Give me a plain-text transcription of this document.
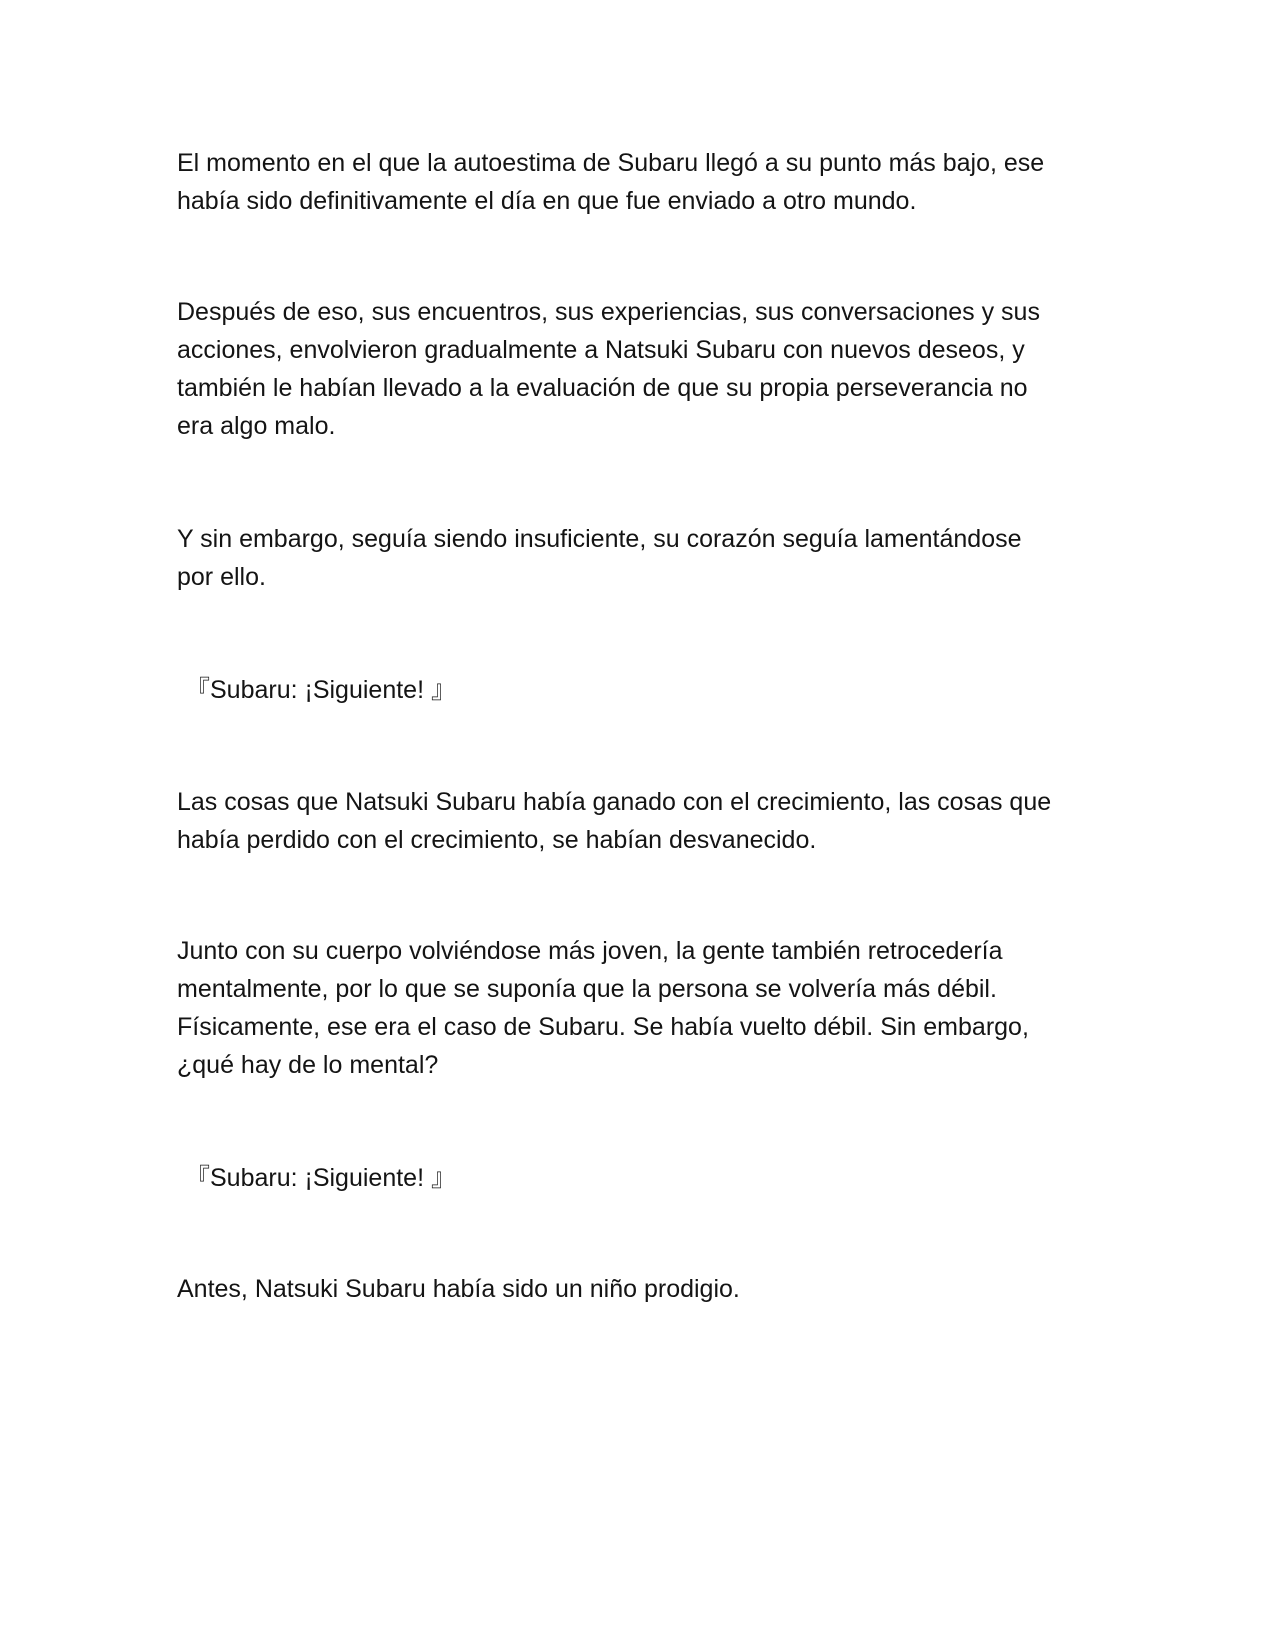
El momento en el que la autoestima de Subaru llegó a su punto más bajo, ese
había sido definitivamente el día en que fue enviado a otro mundo.

Después de eso, sus encuentros, sus experiencias, sus conversaciones y sus
acciones, envolvieron gradualmente a Natsuki Subaru con nuevos deseos, y
también le habían llevado a la evaluación de que su propia perseverancia no
era algo malo.

Y sin embargo, seguía siendo insuficiente, su corazón seguía lamentándose
por ello.

『Subaru: ¡Siguiente! 』

Las cosas que Natsuki Subaru había ganado con el crecimiento, las cosas que
había perdido con el crecimiento, se habían desvanecido.

Junto con su cuerpo volviéndose más joven, la gente también retrocedería
mentalmente, por lo que se suponía que la persona se volvería más débil.
Físicamente, ese era el caso de Subaru. Se había vuelto débil. Sin embargo,
¿qué hay de lo mental?

『Subaru: ¡Siguiente! 』

Antes, Natsuki Subaru había sido un niño prodigio.
